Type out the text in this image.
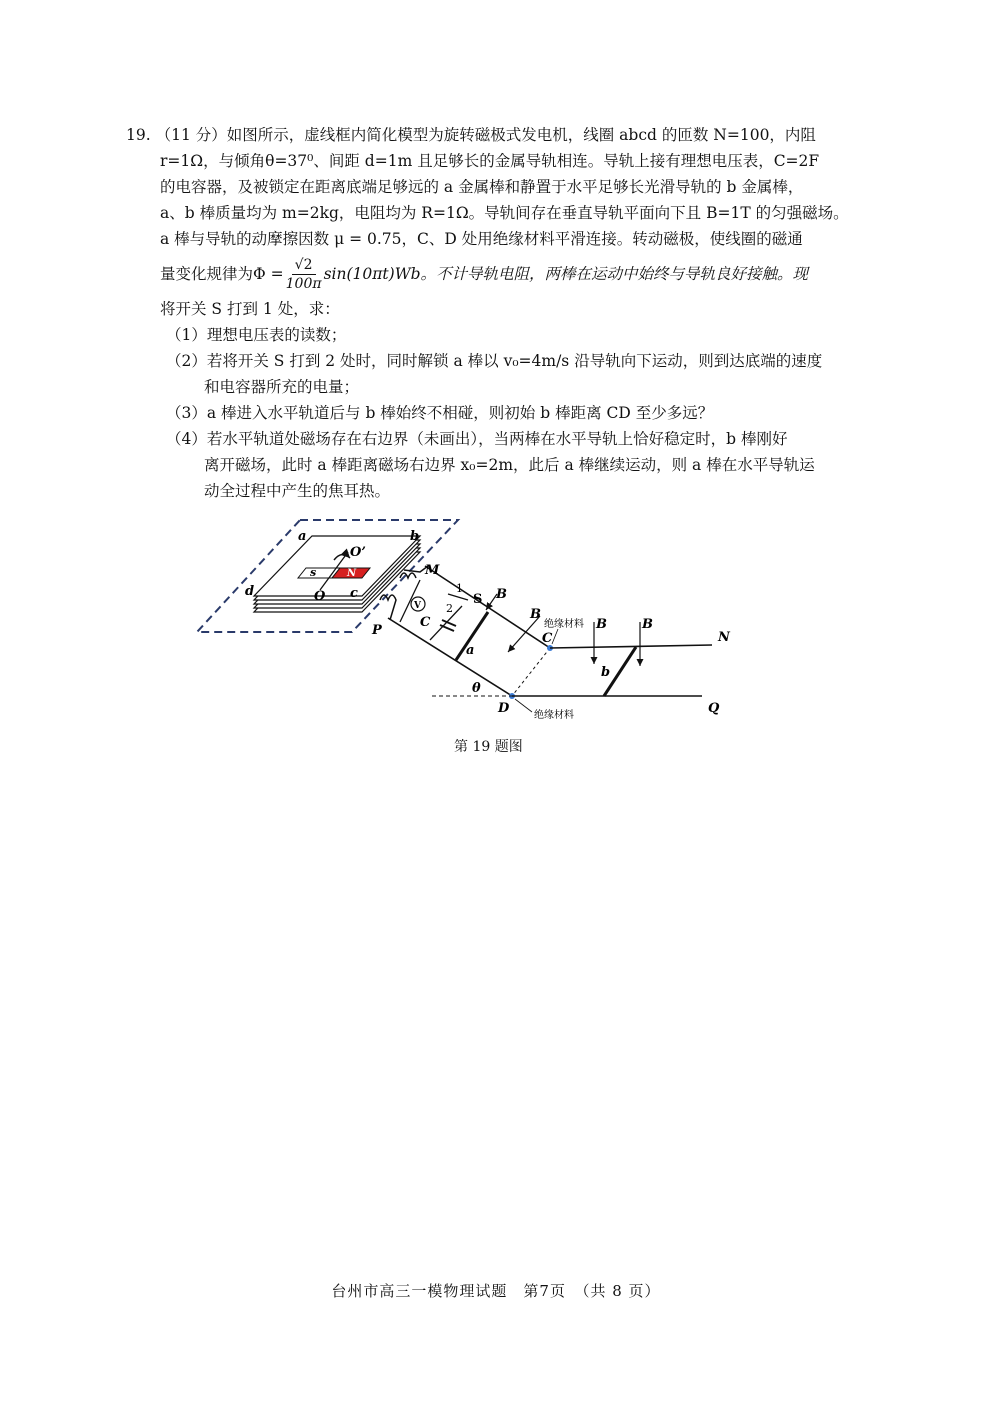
19. （11 分）如图所示，虚线框内简化模型为旋转磁极式发电机，线圈 abcd 的匝数 N=100，内阻
r=1Ω，与倾角θ=37⁰、间距 d=1m 且足够长的金属导轨相连。导轨上接有理想电压表，C=2F
的电容器，及被锁定在距离底端足够远的 a 金属棒和静置于水平足够长光滑导轨的 b 金属棒，
a、b 棒质量均为 m=2kg，电阻均为 R=1Ω。导轨间存在垂直导轨平面向下且 B=1T 的匀强磁场。
a 棒与导轨的动摩擦因数 μ = 0.75，C、D 处用绝缘材料平滑连接。转动磁极，使线圈的磁通
量变化规律为$\Phi = \frac{√2}{100\pi} \sin(10\pi t)Wb$。不计导轨电阻，两棒在运动中始终与导轨良好接触。现
将开关 S 打到 1 处，求：
（1）理想电压表的读数；
（2）若将开关 S 打到 2 处时，同时解锁 a 棒以 v₀=4m/s 沿导轨向下运动，则到达底端的速度
和电容器所充的电量；
（3）a 棒进入水平轨道后与 b 棒始终不相碰，则初始 b 棒距离 CD 至少多远？
（4）若水平轨道处磁场存在右边界（未画出），当两棒在水平导轨上恰好稳定时，b 棒刚好
离开磁场，此时 a 棒距离磁场右边界 x₀=2m，此后 a 棒继续运动，则 a 棒在水平导轨运
动全过程中产生的焦耳热。
a	b
c
d	O
O’
s	N
V
M
P
1
2
S
C
a
B
B
C
D
绝缘材料
绝缘材料
θ
b
B	B
N
Q
第 19 题图
台州市高三一模物理试题　第7页　（共 8 页）
